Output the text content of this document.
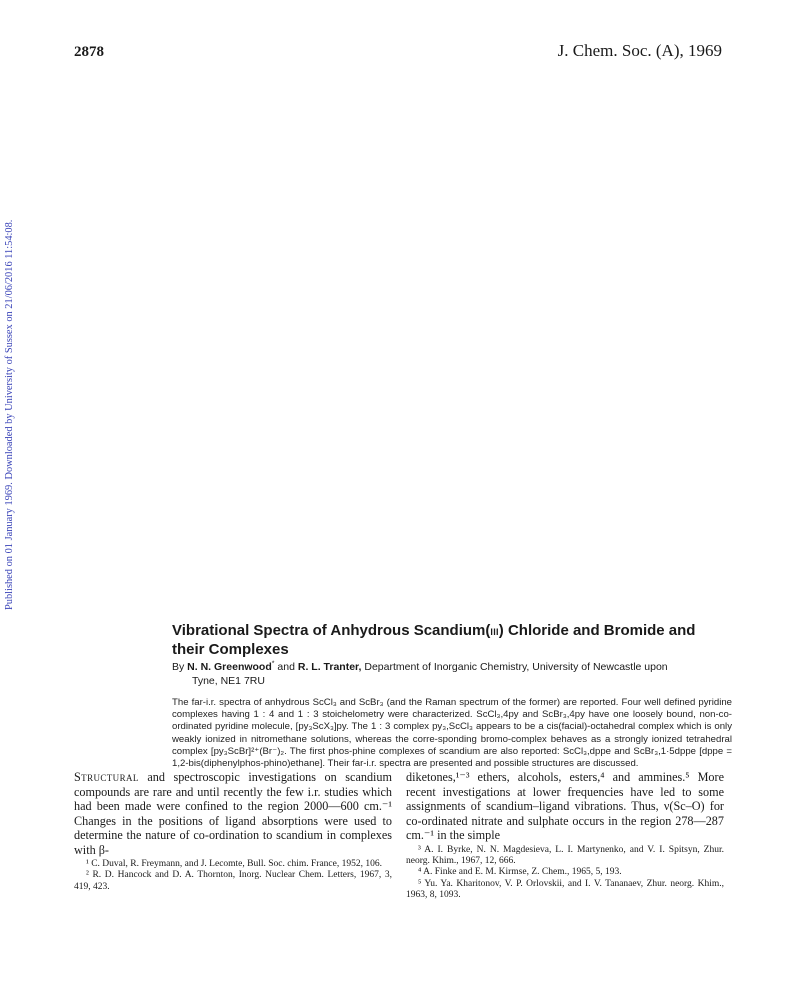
2878	J. Chem. Soc. (A), 1969
Published on 01 January 1969. Downloaded by University of Sussex on 21/06/2016 11:54:08.
Vibrational Spectra of Anhydrous Scandium(III) Chloride and Bromide and their Complexes
By N. N. Greenwood* and R. L. Tranter, Department of Inorganic Chemistry, University of Newcastle upon
Tyne, NE1 7RU
The far-i.r. spectra of anhydrous ScCl₃ and ScBr₃ (and the Raman spectrum of the former) are reported. Four well defined pyridine complexes having 1 : 4 and 1 : 3 stoichelometry were characterized. ScCl₃,4py and ScBr₃,4py have one loosely bound, non-co-ordinated pyridine molecule, [py₃ScX₃]py. The 1 : 3 complex py₃,ScCl₃ appears to be a cis(facial)-octahedral complex which is only weakly ionized in nitromethane solutions, whereas the corre-sponding bromo-complex behaves as a strongly ionized tetrahedral complex [py₃ScBr]²⁺(Br⁻)₂. The first phos-phine complexes of scandium are also reported: ScCl₃,dppe and ScBr₃,1·5dppe [dppe = 1,2-bis(diphenylphos-phino)ethane]. Their far-i.r. spectra are presented and possible structures are discussed.

Structural and spectroscopic investigations on scandium compounds are rare and until recently the few i.r. studies which had been made were confined to the region 2000—600 cm.⁻¹ Changes in the positions of ligand absorptions were used to determine the nature of co-ordination to scandium in complexes with β-

¹ C. Duval, R. Freymann, and J. Lecomte, Bull. Soc. chim. France, 1952, 106.

² R. D. Hancock and D. A. Thornton, Inorg. Nuclear Chem. Letters, 1967, 3, 419, 423.

diketones,¹⁻³ ethers, alcohols, esters,⁴ and ammines.⁵ More recent investigations at lower frequencies have led to some assignments of scandium–ligand vibrations. Thus, ν(Sc–O) for co-ordinated nitrate and sulphate occurs in the region 278—287 cm.⁻¹ in the simple

³ A. I. Byrke, N. N. Magdesieva, L. I. Martynenko, and V. I. Spitsyn, Zhur. neorg. Khim., 1967, 12, 666.

⁴ A. Finke and E. M. Kirmse, Z. Chem., 1965, 5, 193.

⁵ Yu. Ya. Kharitonov, V. P. Orlovskii, and I. V. Tananaev, Zhur. neorg. Khim., 1963, 8, 1093.
